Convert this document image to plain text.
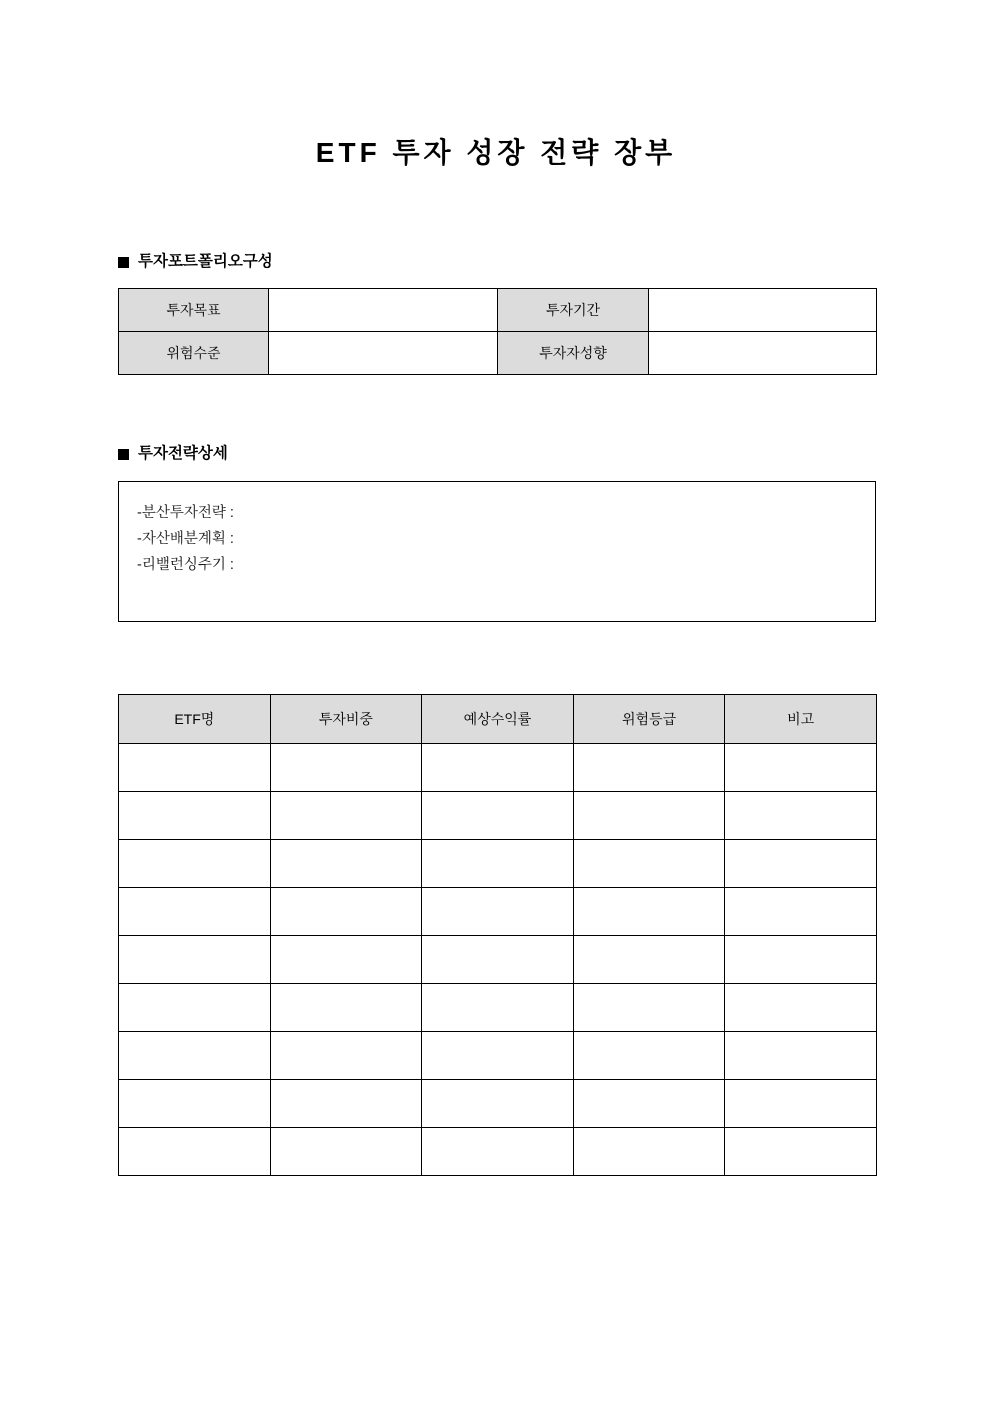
ETF 투자 성장 전략 장부
투자포트폴리오구성
투자목표		투자기간	
위험수준		투자자성향	
투자전략상세
-분산투자전략 :
-자산배분계획 :
-리밸런싱주기 :
ETF명	투자비중	예상수익률	위험등급	비고
